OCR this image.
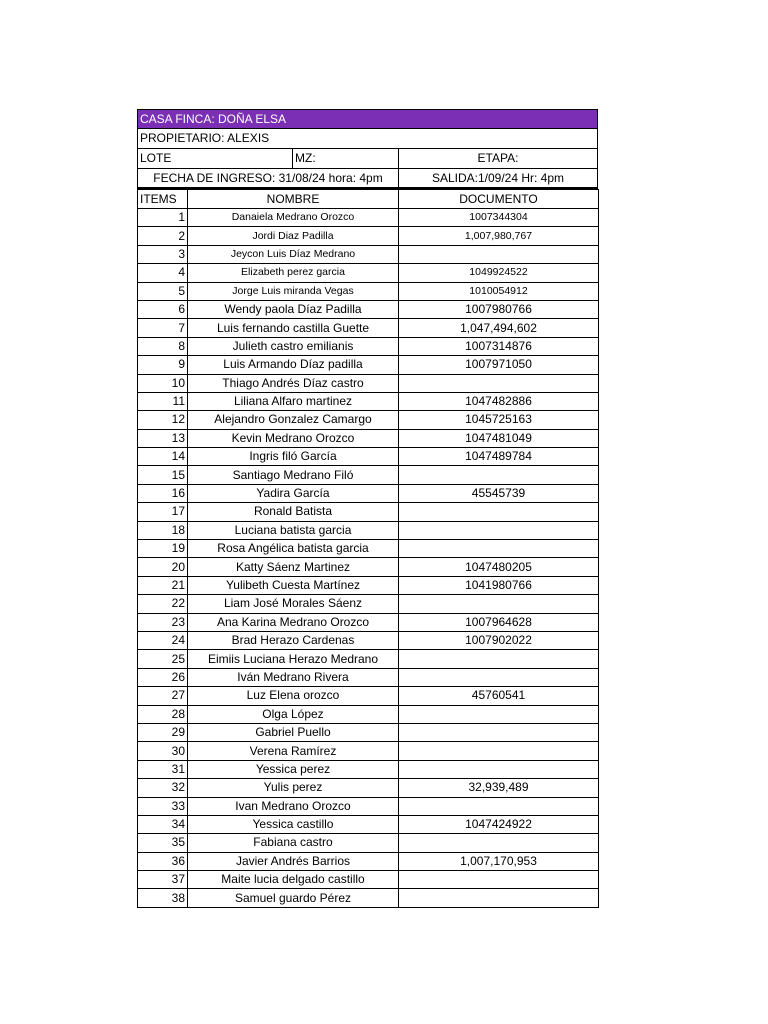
CASA FINCA: DOÑA ELSA
PROPIETARIO: ALEXIS
LOTE	MZ:	ETAPA:
FECHA DE INGRESO: 31/08/24 hora: 4pm	SALIDA:1/09/24 Hr: 4pm
ITEMS	NOMBRE	DOCUMENTO
1	Danaiela Medrano Orozco	1007344304
2	Jordi Diaz Padilla	1,007,980,767
3	Jeycon Luis Díaz Medrano	
4	Elizabeth perez garcia	1049924522
5	Jorge Luis miranda Vegas	1010054912
6	Wendy paola Díaz Padilla	1007980766
7	Luis fernando castilla Guette	1,047,494,602
8	Julieth castro emilianis	1007314876
9	Luis Armando Díaz padilla	1007971050
10	Thiago Andrés Díaz castro	
11	Liliana Alfaro martinez	1047482886
12	Alejandro Gonzalez Camargo	1045725163
13	Kevin Medrano Orozco	1047481049
14	Ingris filó García	1047489784
15	Santiago Medrano Filó	
16	Yadira García	45545739
17	Ronald Batista	
18	Luciana batista garcia	
19	Rosa Angélica batista garcia	
20	Katty Sáenz Martinez	1047480205
21	Yulibeth Cuesta Martínez	1041980766
22	Liam José Morales Sáenz	
23	Ana Karina Medrano Orozco	1007964628
24	Brad Herazo Cardenas	1007902022
25	Eimiis Luciana Herazo Medrano	
26	Iván Medrano Rivera	
27	Luz Elena orozco	45760541
28	Olga López	
29	Gabriel Puello	
30	Verena Ramírez	
31	Yessica perez	
32	Yulis perez	32,939,489
33	Ivan Medrano Orozco	
34	Yessica castillo	1047424922
35	Fabiana castro	
36	Javier Andrés Barrios	1,007,170,953
37	Maite lucia delgado castillo	
38	Samuel guardo Pérez	
